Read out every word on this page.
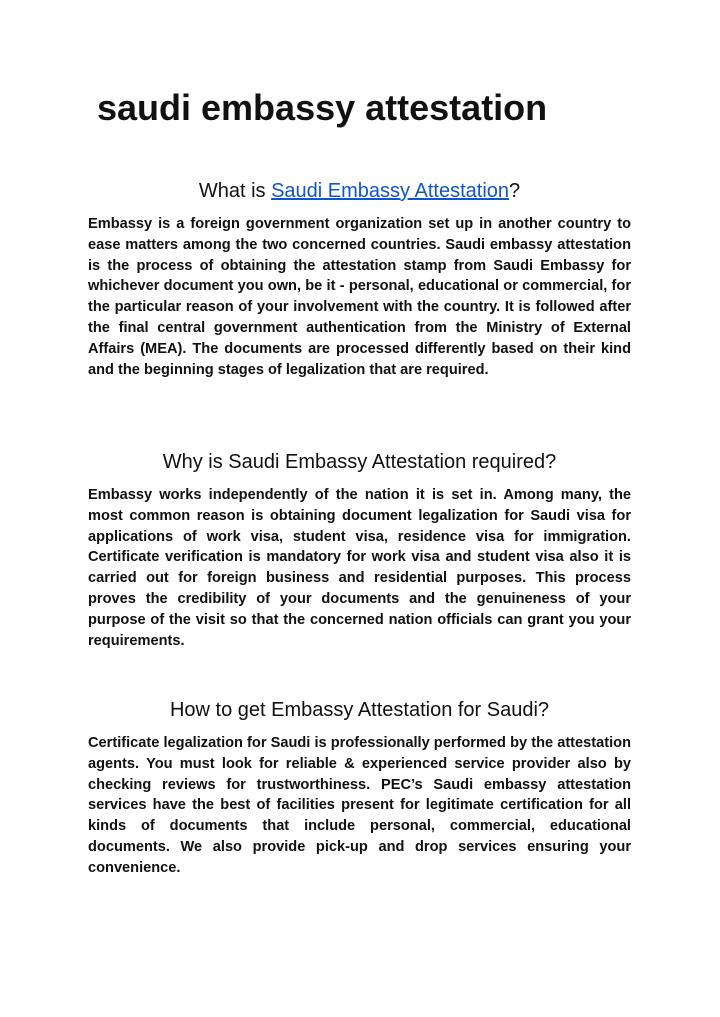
saudi embassy attestation
What is Saudi Embassy Attestation?

Embassy is a foreign government organization set up in another country to ease matters among the two concerned countries. Saudi embassy attestation is the process of obtaining the attestation stamp from Saudi Embassy for whichever document you own, be it - personal, educational or commercial, for the particular reason of your involvement with the country. It is followed after the final central government authentication from the Ministry of External Affairs (MEA). The documents are processed differently based on their kind and the beginning stages of legalization that are required.

Why is Saudi Embassy Attestation required?

Embassy works independently of the nation it is set in. Among many, the most common reason is obtaining document legalization for Saudi visa for applications of work visa, student visa, residence visa for immigration. Certificate verification is mandatory for work visa and student visa also it is carried out for foreign business and residential purposes. This process proves the credibility of your documents and the genuineness of your purpose of the visit so that the concerned nation officials can grant you your requirements.

How to get Embassy Attestation for Saudi?

Certificate legalization for Saudi is professionally performed by the attestation agents. You must look for reliable & experienced service provider also by checking reviews for trustworthiness. PEC’s Saudi embassy attestation services have the best of facilities present for legitimate certification for all kinds of documents that include personal, commercial, educational documents. We also provide pick-up and drop services ensuring your convenience.
